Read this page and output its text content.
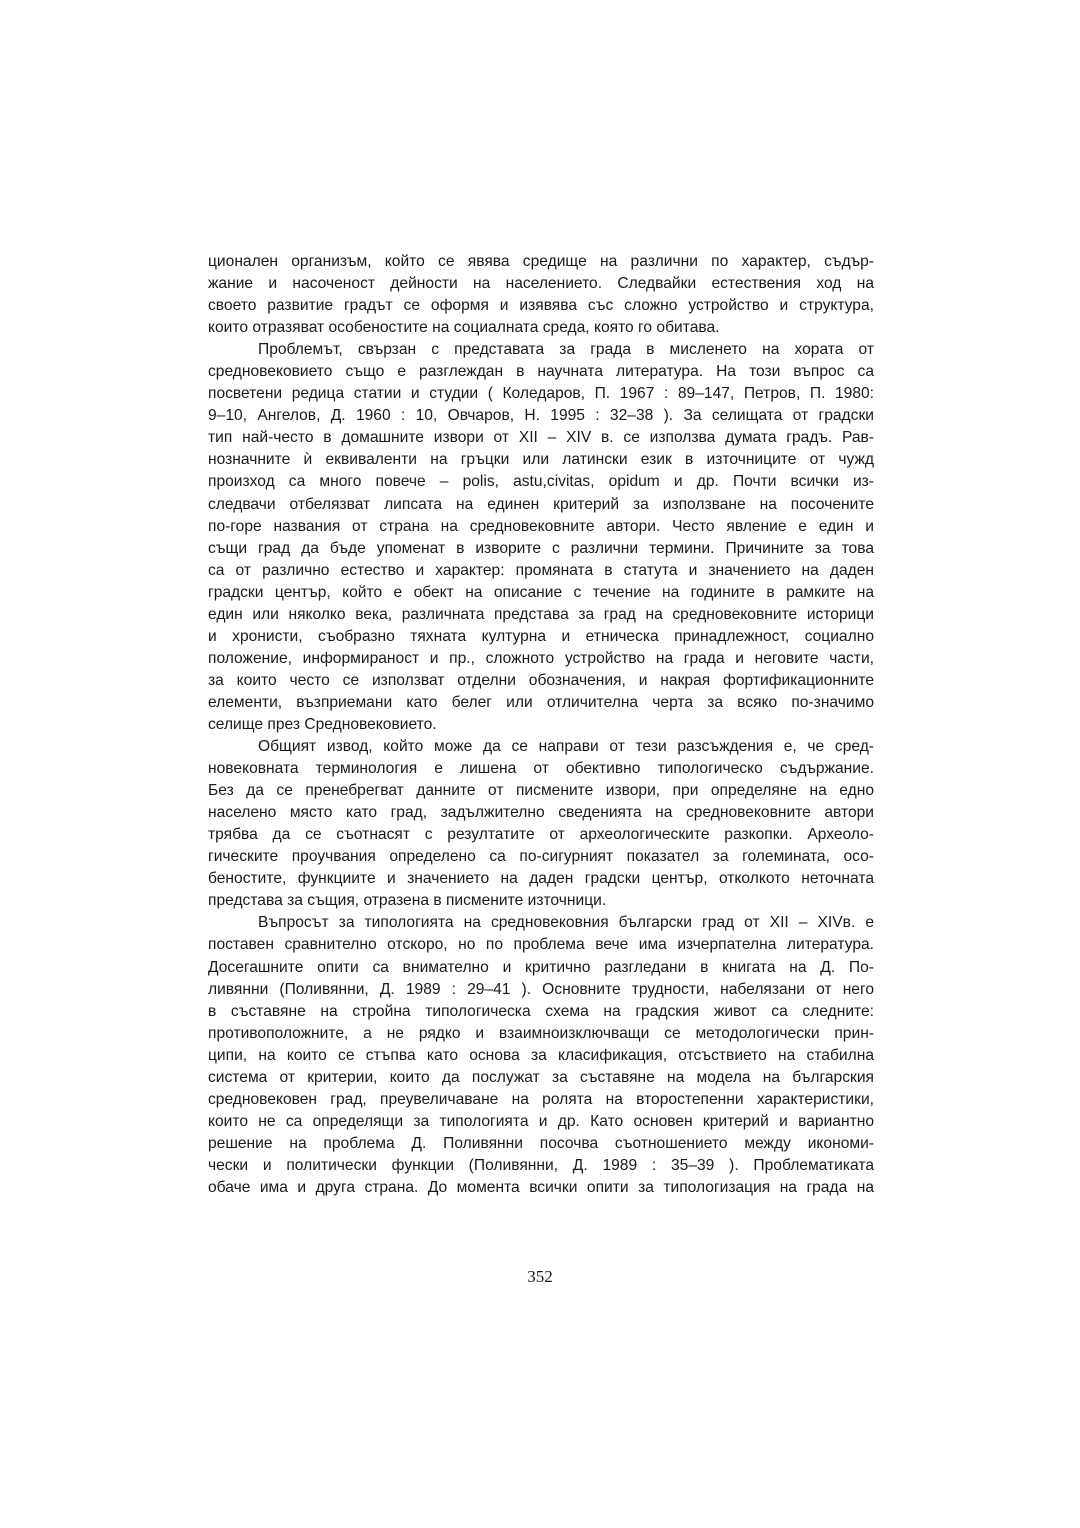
ционален организъм, който се явява средище на различни по характер, съдър-
жание и насоченост дейности на населението. Следвайки естествения ход на
своето развитие градът се оформя и изявява със сложно устройство и структура,
които отразяват особеностите на социалната среда, която го обитава.
Проблемът, свързан с представата за града в мисленето на хората от
средновековието също е разглеждан в научната литература. На този въпрос са
посветени редица статии и студии ( Коледаров, П. 1967 : 89–147, Петров, П. 1980:
9–10, Ангелов, Д. 1960 : 10, Овчаров, Н. 1995 : 32–38 ). За селищата от градски
тип най-често в домашните извори от XII – XIV в. се използва думата градъ. Рав-
нозначните ѝ еквиваленти на гръцки или латински език в източниците от чужд
произход са много повече – polis, astu,civitas, opidum и др. Почти всички из-
следвачи отбелязват липсата на единен критерий за използване на посочените
по-горе названия от страна на средновековните автори. Често явление е един и
същи град да бъде упоменат в изворите с различни термини. Причините за това
са от различно естество и характер: промяната в статута и значението на даден
градски център, който е обект на описание с течение на годините в рамките на
един или няколко века, различната представа за град на средновековните историци
и хронисти, съобразно тяхната културна и етническа принадлежност, социално
положение, информираност и пр., сложното устройство на града и неговите части,
за които често се използват отделни обозначения, и накрая фортификационните
елементи, възприемани като белег или отличителна черта за всяко по-значимо
селище през Средновековието.
Общият извод, който може да се направи от тези разсъждения е, че сред-
новековната терминология е лишена от обективно типологическо съдържание.
Без да се пренебрегват данните от писмените извори, при определяне на едно
населено място като град, задължително сведенията на средновековните автори
трябва да се съотнасят с резултатите от археологическите разкопки. Археоло-
гическите проучвания определено са по-сигурният показател за големината, осо-
беностите, функциите и значението на даден градски център, отколкото неточната
представа за същия, отразена в писмените източници.
Въпросът за типологията на средновековния български град от XII – XIVв. е
поставен сравнително отскоро, но по проблема вече има изчерпателна литература.
Досегашните опити са внимателно и критично разгледани в книгата на Д. По-
ливянни (Поливянни, Д. 1989 : 29–41 ). Основните трудности, набелязани от него
в съставяне на стройна типологическа схема на градския живот са следните:
противоположните, а не рядко и взаимноизключващи се методологически прин-
ципи, на които се стъпва като основа за класификация, отсъствието на стабилна
система от критерии, които да послужат за съставяне на модела на българския
средновековен град, преувеличаване на ролята на второстепенни характеристики,
които не са определящи за типологията и др. Като основен критерий и вариантно
решение на проблема Д. Поливянни посочва съотношението между икономи-
чески и политически функции (Поливянни, Д. 1989 : 35–39 ). Проблематиката
обаче има и друга страна. До момента всички опити за типологизация на града на
352
